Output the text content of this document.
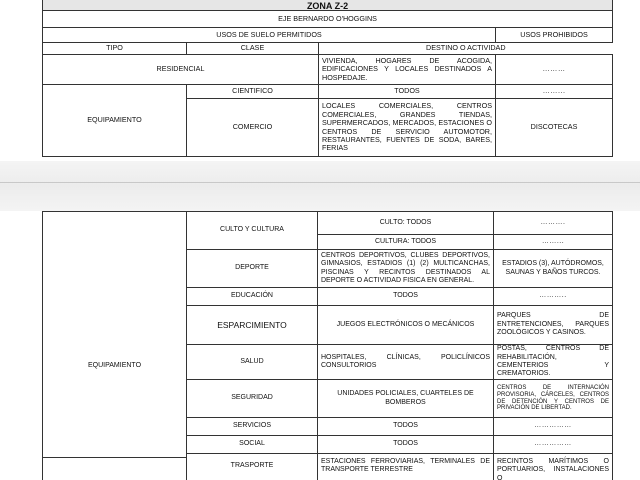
ZONA Z-2			
EJE BERNARDO O'HOGGINS			
USOS DE SUELO PERMITIDOS			USOS PROHIBIDOS
TIPO	CLASE	DESTINO O ACTIVIDAD	
RESIDENCIAL		VIVIENDA, HOGARES DE ACOGIDA, EDIFICACIONES Y LOCALES DESTINADOS A HOSPEDAJE.	………
EQUIPAMIENTO	CIENTIFICO	TODOS	……...
	COMERCIO	LOCALES COMERCIALES, CENTROS COMERCIALES, GRANDES TIENDAS, SUPERMERCADOS, MERCADOS, ESTACIONES O CENTROS DE SERVICIO AUTOMOTOR, RESTAURANTES, FUENTES DE SODA, BARES, FERIAS	DISCOTECAS
EQUIPAMIENTO	CULTO Y CULTURA	CULTO: TODOS	……….
		CULTURA: TODOS	……...
	DEPORTE	CENTROS DEPORTIVOS, CLUBES DEPORTIVOS, GIMNASIOS, ESTADIOS (1) (2) MULTICANCHAS, PISCINAS Y RECINTOS DESTINADOS AL DEPORTE O ACTIVIDAD FISICA EN GENERAL.	ESTADIOS (3), AUTÓDROMOS, SAUNAS Y BAÑOS TURCOS.
	EDUCACIÓN	TODOS	………..
	ESPARCIMIENTO	JUEGOS ELECTRÓNICOS O MECÁNICOS	PARQUES DE ENTRETENCIONES, PARQUES ZOOLÓGICOS Y CASINOS.
	SALUD	HOSPITALES, CLÍNICAS, POLICLÍNICOS CONSULTORIOS	POSTAS, CENTROS DE REHABILITACIÓN, CEMENTERIOS Y CREMATORIOS.
	SEGURIDAD	UNIDADES POLICIALES, CUARTELES DE BOMBEROS	CENTROS DE INTERNACIÓN PROVISORIA, CÁRCELES, CENTROS DE DETENCIÓN Y CENTROS DE PRIVACIÓN DE LIBERTAD.
	SERVICIOS	TODOS	……………
	SOCIAL	TODOS	……………
	TRASPORTE	ESTACIONES FERROVIARIAS, TERMINALES DE TRANSPORTE TERRESTRE	RECINTOS MARÍTIMOS O PORTUARIOS, INSTALACIONES O
